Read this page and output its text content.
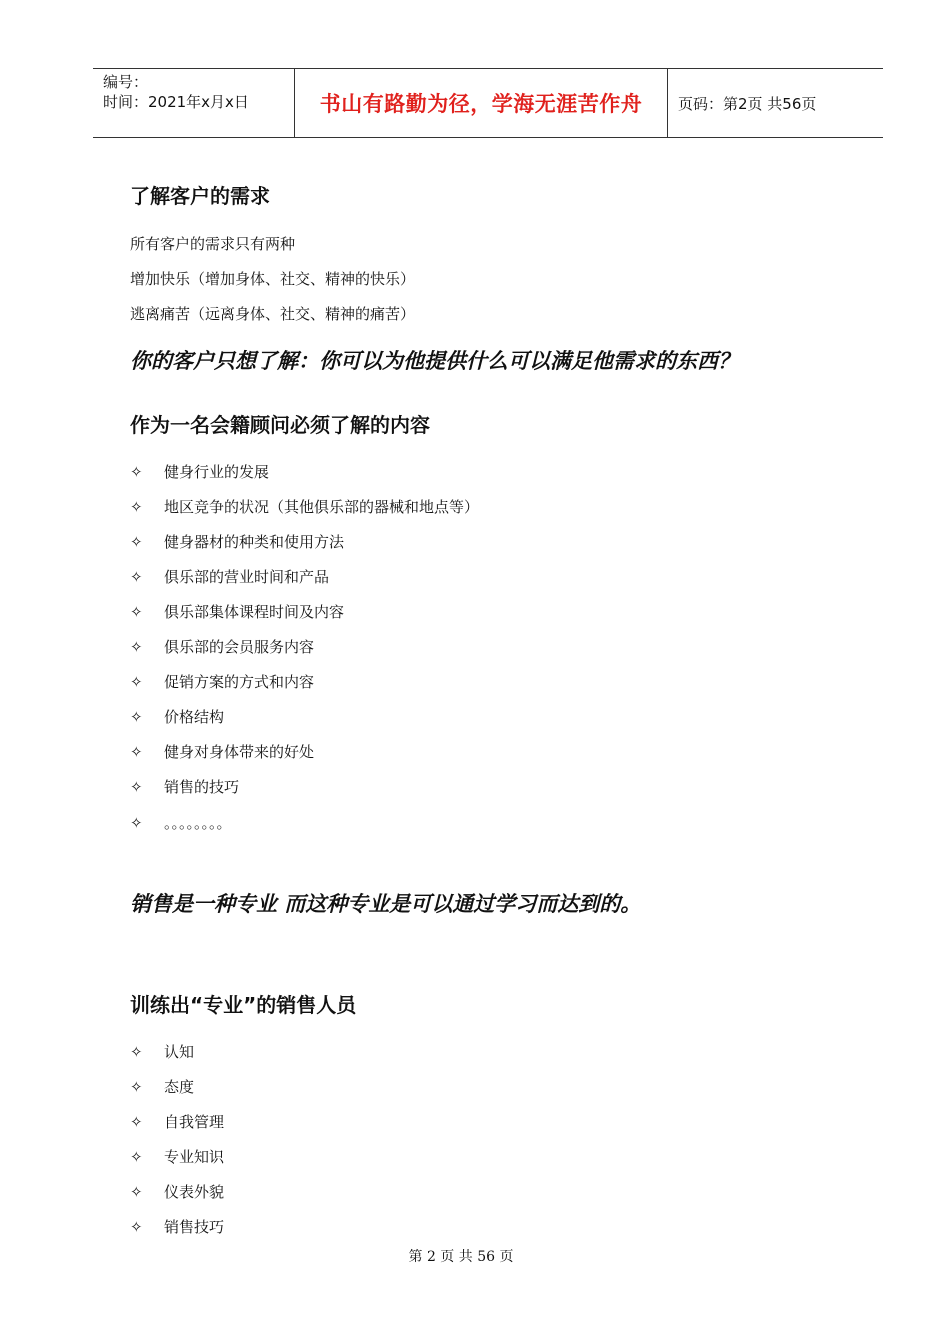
编号：
时间：2021年x月x日	书山有路勤为径，学海无涯苦作舟 页码：第2页 共56页
了解客户的需求
所有客户的需求只有两种
增加快乐（增加身体、社交、精神的快乐）
逃离痛苦（远离身体、社交、精神的痛苦）
你的客户只想了解：你可以为他提供什么可以满足他需求的东西？
作为一名会籍顾问必须了解的内容
✧ 健身行业的发展
✧ 地区竞争的状况（其他俱乐部的器械和地点等）
✧ 健身器材的种类和使用方法
✧ 俱乐部的营业时间和产品
✧ 俱乐部集体课程时间及内容
✧ 俱乐部的会员服务内容
✧ 促销方案的方式和内容
✧ 价格结构
✧ 健身对身体带来的好处
✧ 销售的技巧
✧ 。。。。。。。。
销售是一种专业 而这种专业是可以通过学习而达到的。
训练出“专业”的销售人员
✧ 认知
✧ 态度
✧ 自我管理
✧ 专业知识
✧ 仪表外貌
✧ 销售技巧
第 2 页 共 56 页
